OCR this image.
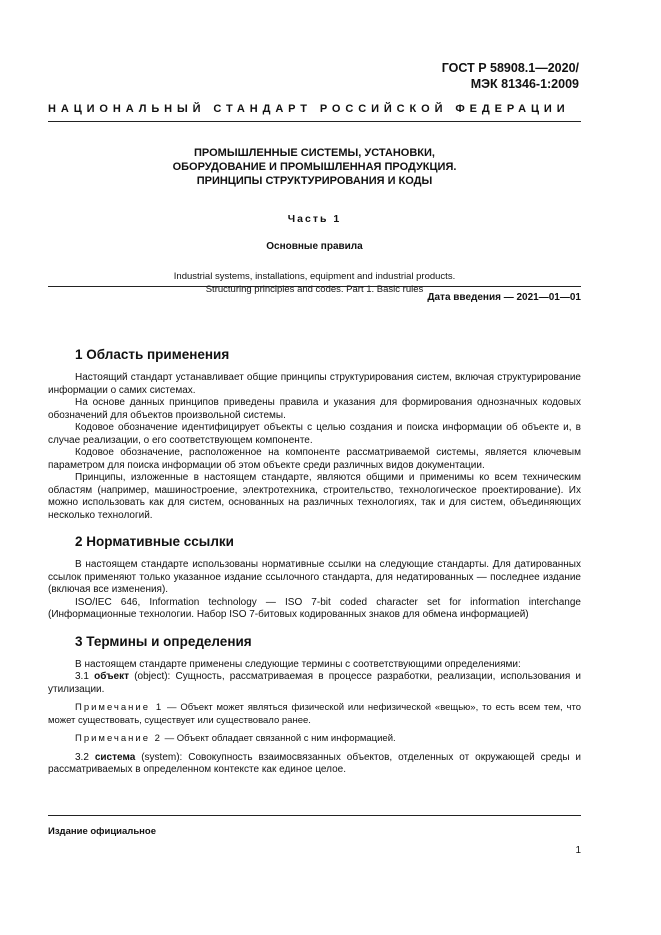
ГОСТ Р 58908.1—2020/
МЭК 81346-1:2009
НАЦИОНАЛЬНЫЙ СТАНДАРТ РОССИЙСКОЙ ФЕДЕРАЦИИ
ПРОМЫШЛЕННЫЕ СИСТЕМЫ, УСТАНОВКИ,
ОБОРУДОВАНИЕ И ПРОМЫШЛЕННАЯ ПРОДУКЦИЯ.
ПРИНЦИПЫ СТРУКТУРИРОВАНИЯ И КОДЫ
Часть 1
Основные правила
Industrial systems, installations, equipment and industrial products.
Structuring principles and codes. Part 1. Basic rules
Дата введения — 2021—01—01
1 Область применения

Настоящий стандарт устанавливает общие принципы структурирования систем, включая структурирование информации о самих системах.

На основе данных принципов приведены правила и указания для формирования однозначных кодовых обозначений для объектов произвольной системы.

Кодовое обозначение идентифицирует объекты с целью создания и поиска информации об объекте и, в случае реализации, о его соответствующем компоненте.

Кодовое обозначение, расположенное на компоненте рассматриваемой системы, является ключевым параметром для поиска информации об этом объекте среди различных видов документации.

Принципы, изложенные в настоящем стандарте, являются общими и применимы ко всем техническим областям (например, машиностроение, электротехника, строительство, технологическое проектирование). Их можно использовать как для систем, основанных на различных технологиях, так и для систем, объединяющих несколько технологий.

2 Нормативные ссылки

В настоящем стандарте использованы нормативные ссылки на следующие стандарты. Для датированных ссылок применяют только указанное издание ссылочного стандарта, для недатированных — последнее издание (включая все изменения).

ISO/IEC 646, Information technology — ISO 7-bit coded character set for information interchange (Информационные технологии. Набор ISO 7-битовых кодированных знаков для обмена информацией)

3 Термины и определения

В настоящем стандарте применены следующие термины с соответствующими определениями:

3.1 объект (object): Сущность, рассматриваемая в процессе разработки, реализации, использования и утилизации.

Примечание 1 — Объект может являться физической или нефизической «вещью», то есть всем тем, что может существовать, существует или существовало ранее.

Примечание 2 — Объект обладает связанной с ним информацией.

3.2 система (system): Совокупность взаимосвязанных объектов, отделенных от окружающей среды и рассматриваемых в определенном контексте как единое целое.

Издание официальное
1
